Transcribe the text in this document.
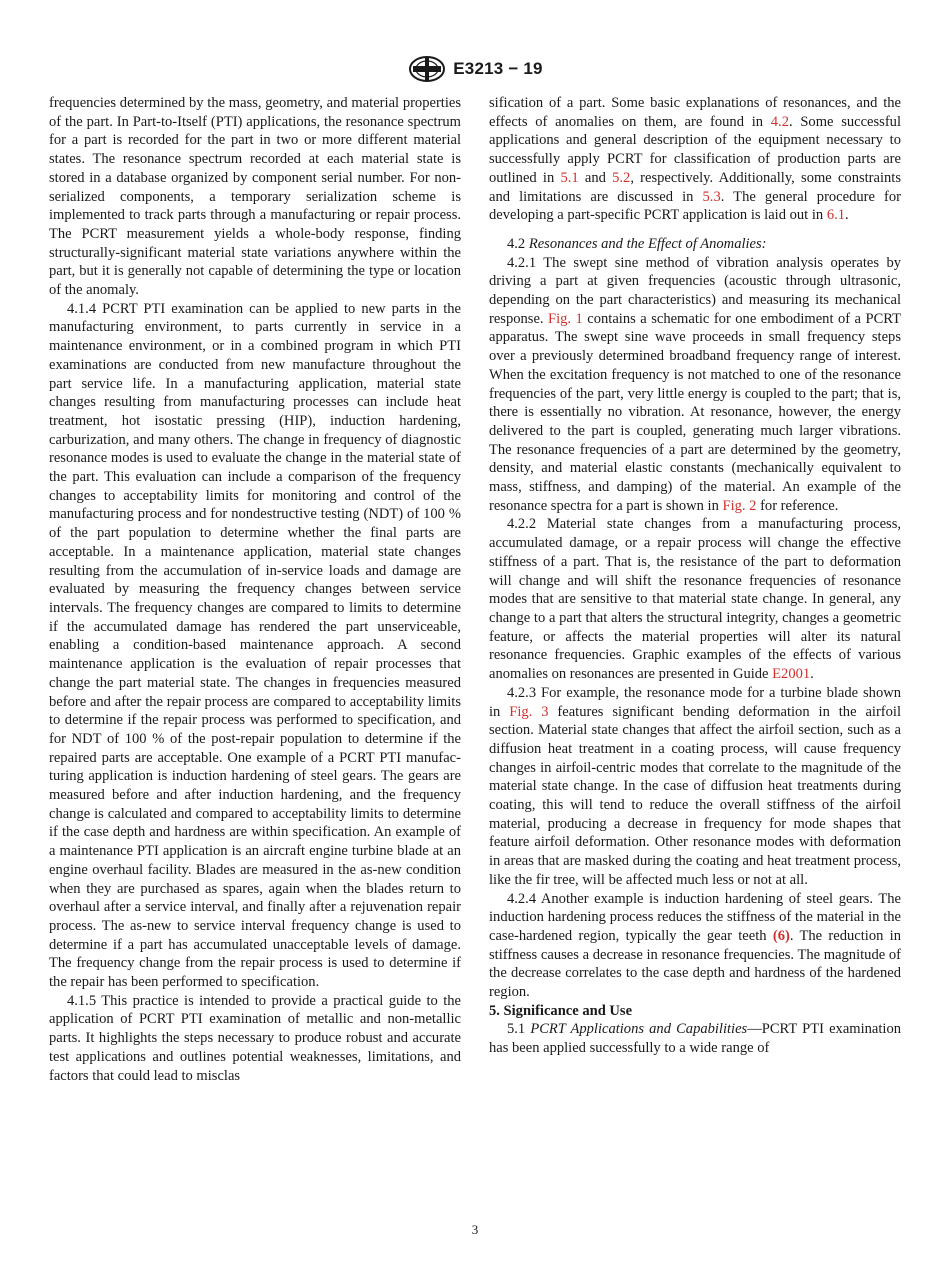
E3213 − 19

frequencies determined by the mass, geometry, and material properties of the part. In Part-to-Itself (PTI) applications, the resonance spectrum for a part is recorded for the part in two or more different material states. The resonance spectrum recorded at each material state is stored in a database organized by component serial number. For non-serialized components, a temporary serialization scheme is implemented to track parts through a manufacturing or repair process. The PCRT measurement yields a whole-body response, finding structurally-significant material state variations anywhere within the part, but it is generally not capable of determining the type or location of the anomaly.

4.1.4 PCRT PTI examination can be applied to new parts in the manufacturing environment, to parts currently in service in a maintenance environment, or in a combined program in which PTI examinations are conducted from new manufacture throughout the part service life. In a manufacturing application, material state changes resulting from manufacturing processes can include heat treatment, hot isostatic pressing (HIP), induction hardening, carburization, and many others. The change in frequency of diagnostic resonance modes is used to evaluate the change in the material state of the part. This evaluation can include a comparison of the frequency changes to acceptability limits for monitoring and control of the manufacturing process and for nondestructive testing (NDT) of 100 % of the part population to determine whether the final parts are acceptable. In a maintenance application, material state changes resulting from the accumulation of in-service loads and damage are evaluated by measuring the frequency changes between service intervals. The frequency changes are compared to limits to determine if the accumulated damage has rendered the part unserviceable, enabling a condition-based maintenance approach. A second maintenance application is the evaluation of repair processes that change the part material state. The changes in frequencies measured before and after the repair process are compared to acceptability limits to determine if the repair process was performed to specification, and for NDT of 100 % of the post-repair population to determine if the repaired parts are acceptable. One example of a PCRT PTI manufacturing application is induction hardening of steel gears. The gears are measured before and after induction hardening, and the frequency change is calculated and compared to acceptability limits to determine if the case depth and hardness are within specification. An example of a maintenance PTI application is an aircraft engine turbine blade at an engine overhaul facility. Blades are measured in the as-new condition when they are purchased as spares, again when the blades return to overhaul after a service interval, and finally after a rejuvenation repair process. The as-new to service interval frequency change is used to determine if a part has accumulated unacceptable levels of damage. The frequency change from the repair process is used to determine if the repair has been performed to specification.

4.1.5 This practice is intended to provide a practical guide to the application of PCRT PTI examination of metallic and non-metallic parts. It highlights the steps necessary to produce robust and accurate test applications and outlines potential weaknesses, limitations, and factors that could lead to misclas

sification of a part. Some basic explanations of resonances, and the effects of anomalies on them, are found in 4.2. Some successful applications and general description of the equipment necessary to successfully apply PCRT for classification of production parts are outlined in 5.1 and 5.2, respectively. Additionally, some constraints and limitations are discussed in 5.3. The general procedure for developing a part-specific PCRT application is laid out in 6.1.

4.2 Resonances and the Effect of Anomalies:

4.2.1 The swept sine method of vibration analysis operates by driving a part at given frequencies (acoustic through ultrasonic, depending on the part characteristics) and measuring its mechanical response. Fig. 1 contains a schematic for one embodiment of a PCRT apparatus. The swept sine wave proceeds in small frequency steps over a previously determined broadband frequency range of interest. When the excitation frequency is not matched to one of the resonance frequencies of the part, very little energy is coupled to the part; that is, there is essentially no vibration. At resonance, however, the energy delivered to the part is coupled, generating much larger vibrations. The resonance frequencies of a part are determined by the geometry, density, and material elastic constants (mechanically equivalent to mass, stiffness, and damping) of the material. An example of the resonance spectra for a part is shown in Fig. 2 for reference.

4.2.2 Material state changes from a manufacturing process, accumulated damage, or a repair process will change the effective stiffness of a part. That is, the resistance of the part to deformation will change and will shift the resonance frequencies of resonance modes that are sensitive to that material state change. In general, any change to a part that alters the structural integrity, changes a geometric feature, or affects the material properties will alter its natural resonance frequencies. Graphic examples of the effects of various anomalies on resonances are presented in Guide E2001.

4.2.3 For example, the resonance mode for a turbine blade shown in Fig. 3 features significant bending deformation in the airfoil section. Material state changes that affect the airfoil section, such as a diffusion heat treatment in a coating process, will cause frequency changes in airfoil-centric modes that correlate to the magnitude of the material state change. In the case of diffusion heat treatments during coating, this will tend to reduce the overall stiffness of the airfoil material, producing a decrease in frequency for mode shapes that feature airfoil deformation. Other resonance modes with deformation in areas that are masked during the coating and heat treatment process, like the fir tree, will be affected much less or not at all.

4.2.4 Another example is induction hardening of steel gears. The induction hardening process reduces the stiffness of the material in the case-hardened region, typically the gear teeth (6). The reduction in stiffness causes a decrease in resonance frequencies. The magnitude of the decrease correlates to the case depth and hardness of the hardened region.

5. Significance and Use

5.1 PCRT Applications and Capabilities—PCRT PTI examination has been applied successfully to a wide range of

3
